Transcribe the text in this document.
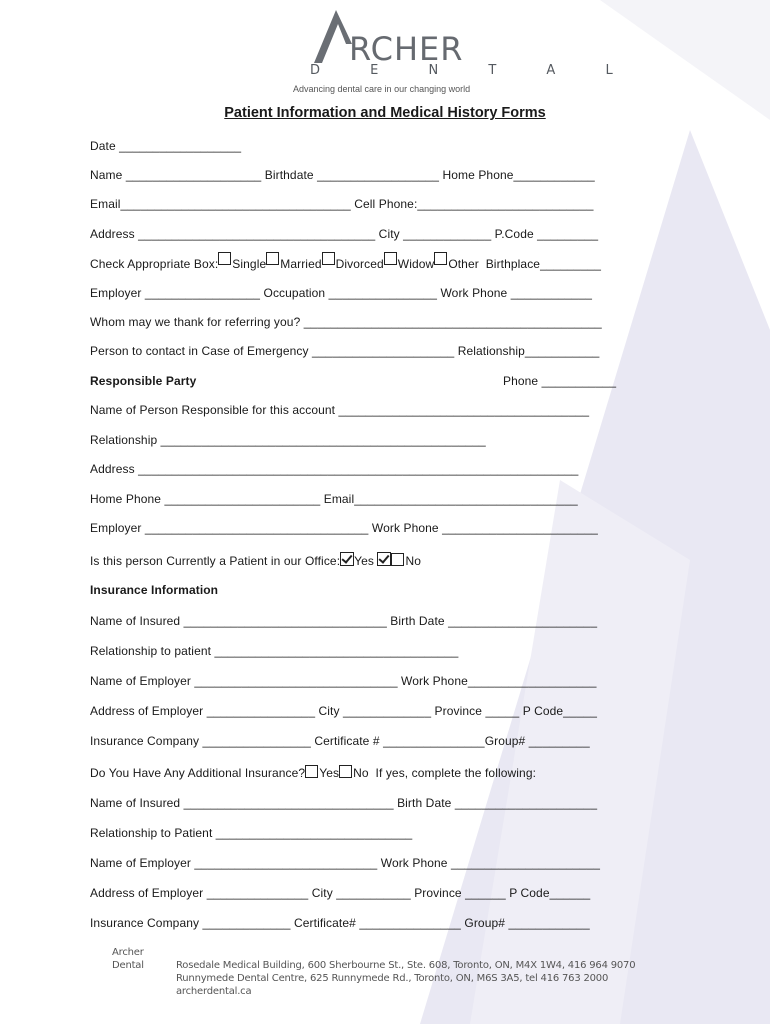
RCHER
D E N T A L
Advancing dental care in our changing world
Patient Information and Medical History Forms
Date __________________
Name ____________________ Birthdate __________________ Home Phone____________
Email__________________________________ Cell Phone:__________________________
Address ___________________________________ City _____________ P.Code _________
Check Appropriate Box: Single Married Divorced Widow Other Birthplace_________
Employer _________________ Occupation ________________ Work Phone ____________
Whom may we thank for referring you? ____________________________________________
Person to contact in Case of Emergency _____________________ Relationship___________
Responsible Party	Phone ___________
Name of Person Responsible for this account _____________________________________
Relationship ________________________________________________
Address _________________________________________________________________
Home Phone _______________________ Email_________________________________
Employer _________________________________ Work Phone _______________________
Is this person Currently a Patient in our Office: Yes	No
Insurance Information
Name of Insured ______________________________ Birth Date ______________________
Relationship to patient ____________________________________
Name of Employer ______________________________ Work Phone___________________
Address of Employer ________________ City _____________ Province _____ P Code_____
Insurance Company ________________ Certificate # _______________Group# _________
Do You Have Any Additional Insurance? Yes No If yes, complete the following:
Name of Insured _______________________________ Birth Date _____________________
Relationship to Patient _____________________________
Name of Employer ___________________________ Work Phone ______________________
Address of Employer _______________ City ___________ Province ______ P Code______
Insurance Company _____________ Certificate# _______________ Group# ____________
Archer Dental	Rosedale Medical Building, 600 Sherbourne St., Ste. 608, Toronto, ON, M4X 1W4, 416 964 9070
Runnymede Dental Centre, 625 Runnymede Rd., Toronto, ON, M6S 3A5, tel 416 763 2000
archerdental.ca
